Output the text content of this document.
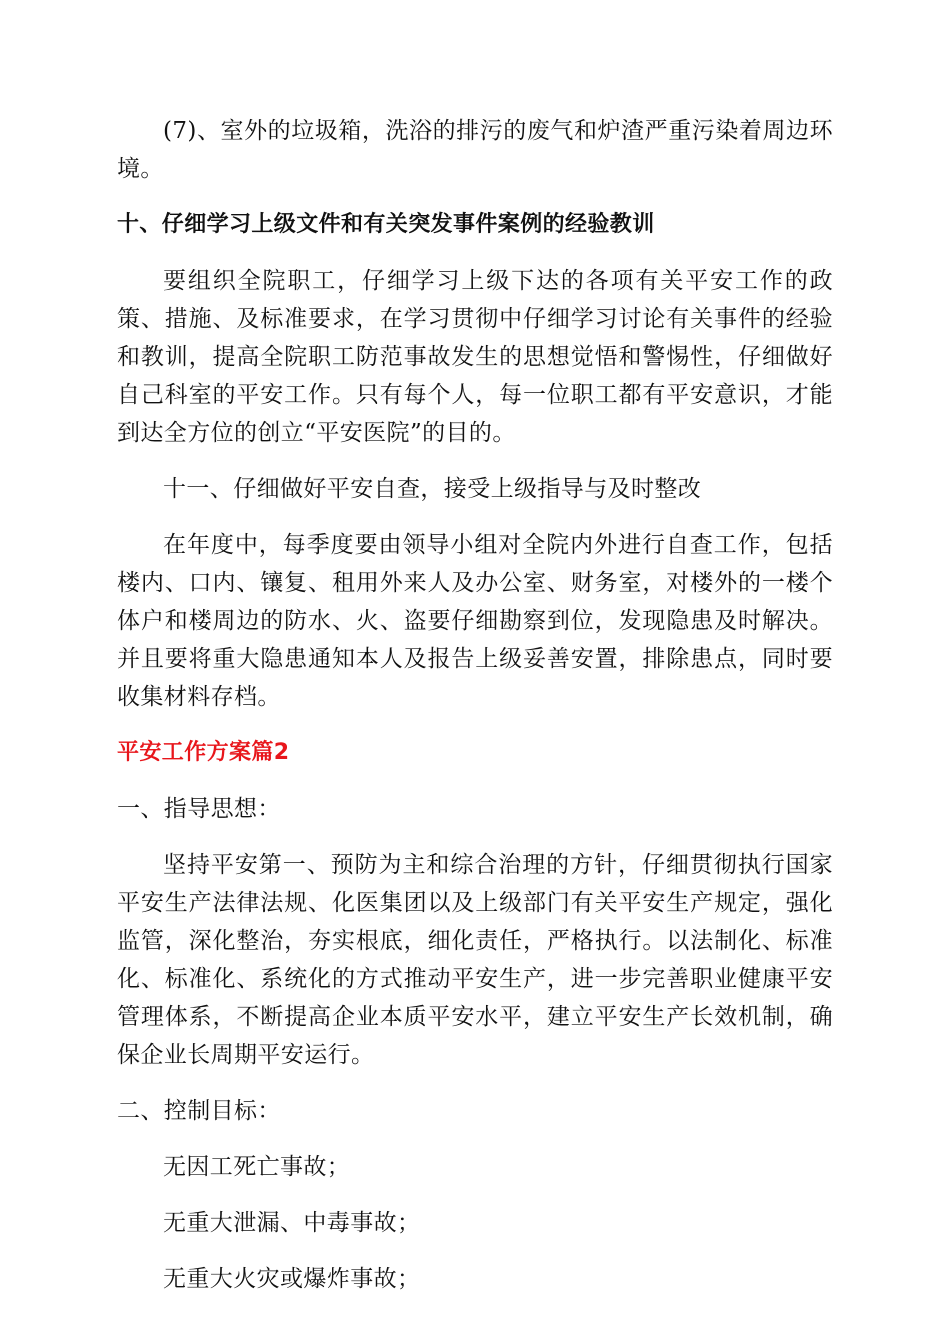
(7)、室外的垃圾箱，洗浴的排污的废气和炉渣严重污染着周边环境。

十、仔细学习上级文件和有关突发事件案例的经验教训

要组织全院职工，仔细学习上级下达的各项有关平安工作的政策、措施、及标准要求，在学习贯彻中仔细学习讨论有关事件的经验和教训，提高全院职工防范事故发生的思想觉悟和警惕性，仔细做好自己科室的平安工作。只有每个人，每一位职工都有平安意识，才能到达全方位的创立“平安医院”的目的。

十一、仔细做好平安自查，接受上级指导与及时整改

在年度中，每季度要由领导小组对全院内外进行自查工作，包括楼内、口内、镶复、租用外来人及办公室、财务室，对楼外的一楼个体户和楼周边的防水、火、盗要仔细勘察到位，发现隐患及时解决。并且要将重大隐患通知本人及报告上级妥善安置，排除患点，同时要收集材料存档。

平安工作方案篇2

一、指导思想：

坚持平安第一、预防为主和综合治理的方针，仔细贯彻执行国家平安生产法律法规、化医集团以及上级部门有关平安生产规定，强化监管，深化整治，夯实根底，细化责任，严格执行。以法制化、标准化、标准化、系统化的方式推动平安生产，进一步完善职业健康平安管理体系，不断提高企业本质平安水平，建立平安生产长效机制，确保企业长周期平安运行。

二、控制目标：

无因工死亡事故；

无重大泄漏、中毒事故；

无重大火灾或爆炸事故；
